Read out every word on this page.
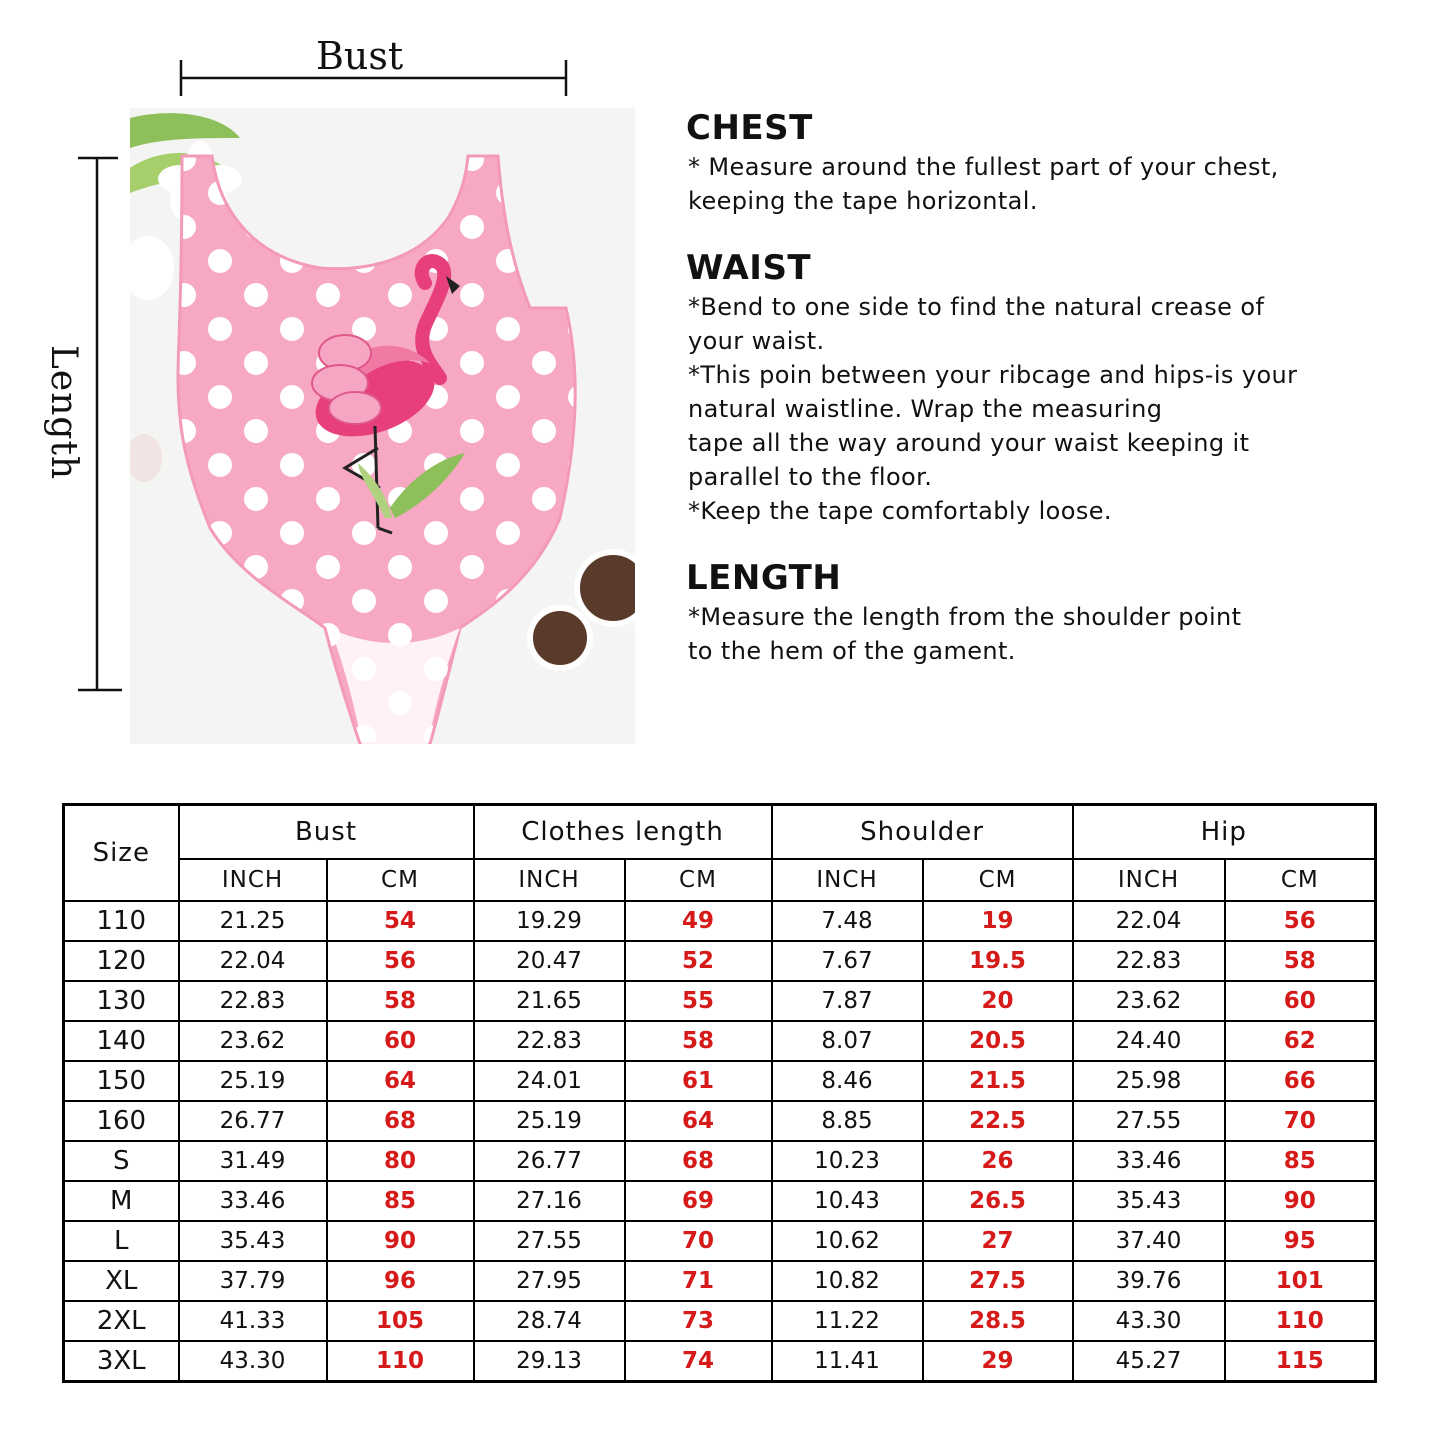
Bust
Length
CHEST
* Measure around the fullest part of your chest,
keeping the tape horizontal.
WAIST
*Bend to one side to find the natural crease of
your waist.
*This poin between your ribcage and hips-is your
natural waistline. Wrap the measuring
tape all the way around your waist keeping it
parallel to the floor.
*Keep the tape comfortably loose.
LENGTH
*Measure the length from the shoulder point
to the hem of the gament.
Size	Bust		Clothes length		Shoulder		Hip	
	INCH	CM	INCH	CM	INCH	CM	INCH	CM
110	21.25	54	19.29	49	7.48	19	22.04	56
120	22.04	56	20.47	52	7.67	19.5	22.83	58
130	22.83	58	21.65	55	7.87	20	23.62	60
140	23.62	60	22.83	58	8.07	20.5	24.40	62
150	25.19	64	24.01	61	8.46	21.5	25.98	66
160	26.77	68	25.19	64	8.85	22.5	27.55	70
S	31.49	80	26.77	68	10.23	26	33.46	85
M	33.46	85	27.16	69	10.43	26.5	35.43	90
L	35.43	90	27.55	70	10.62	27	37.40	95
XL	37.79	96	27.95	71	10.82	27.5	39.76	101
2XL	41.33	105	28.74	73	11.22	28.5	43.30	110
3XL	43.30	110	29.13	74	11.41	29	45.27	115
